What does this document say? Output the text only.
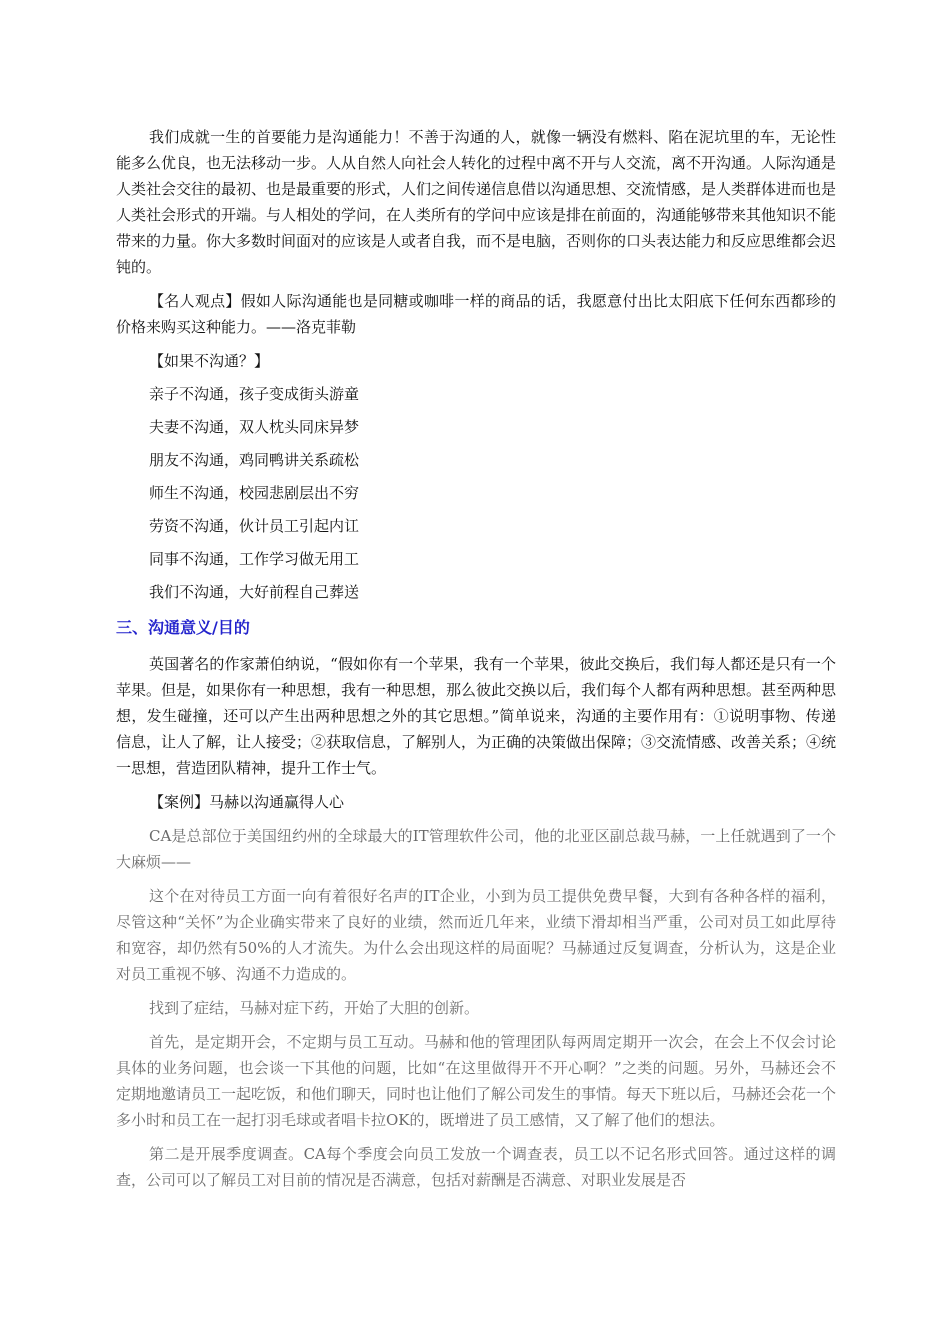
我们成就一生的首要能力是沟通能力！不善于沟通的人，就像一辆没有燃料、陷在泥坑里的车，无论性能多么优良，也无法移动一步。人从自然人向社会人转化的过程中离不开与人交流，离不开沟通。人际沟通是人类社会交往的最初、也是最重要的形式，人们之间传递信息借以沟通思想、交流情感，是人类群体进而也是人类社会形式的开端。与人相处的学问，在人类所有的学问中应该是排在前面的，沟通能够带来其他知识不能带来的力量。你大多数时间面对的应该是人或者自我，而不是电脑，否则你的口头表达能力和反应思维都会迟钝的。

【名人观点】假如人际沟通能也是同糖或咖啡一样的商品的话，我愿意付出比太阳底下任何东西都珍的价格来购买这种能力。——洛克菲勒

【如果不沟通？】

亲子不沟通，孩子变成街头游童

夫妻不沟通，双人枕头同床异梦

朋友不沟通，鸡同鸭讲关系疏松

师生不沟通，校园悲剧层出不穷

劳资不沟通，伙计员工引起内讧

同事不沟通，工作学习做无用工

我们不沟通，大好前程自己葬送

三、沟通意义/目的

英国著名的作家萧伯纳说，“假如你有一个苹果，我有一个苹果，彼此交换后，我们每人都还是只有一个苹果。但是，如果你有一种思想，我有一种思想，那么彼此交换以后，我们每个人都有两种思想。甚至两种思想，发生碰撞，还可以产生出两种思想之外的其它思想。”简单说来，沟通的主要作用有：①说明事物、传递信息，让人了解，让人接受；②获取信息，了解别人，为正确的决策做出保障；③交流情感、改善关系；④统一思想，营造团队精神，提升工作士气。

【案例】马赫以沟通赢得人心

CA是总部位于美国纽约州的全球最大的IT管理软件公司，他的北亚区副总裁马赫，一上任就遇到了一个大麻烦——

这个在对待员工方面一向有着很好名声的IT企业，小到为员工提供免费早餐，大到有各种各样的福利，尽管这种“关怀”为企业确实带来了良好的业绩，然而近几年来，业绩下滑却相当严重，公司对员工如此厚待和宽容，却仍然有50%的人才流失。为什么会出现这样的局面呢？马赫通过反复调查，分析认为，这是企业对员工重视不够、沟通不力造成的。

找到了症结，马赫对症下药，开始了大胆的创新。

首先，是定期开会，不定期与员工互动。马赫和他的管理团队每两周定期开一次会，在会上不仅会讨论具体的业务问题，也会谈一下其他的问题，比如“在这里做得开不开心啊？”之类的问题。另外，马赫还会不定期地邀请员工一起吃饭，和他们聊天，同时也让他们了解公司发生的事情。每天下班以后，马赫还会花一个多小时和员工在一起打羽毛球或者唱卡拉OK的，既增进了员工感情，又了解了他们的想法。

第二是开展季度调查。CA每个季度会向员工发放一个调查表，员工以不记名形式回答。通过这样的调查，公司可以了解员工对目前的情况是否满意，包括对薪酬是否满意、对职业发展是否
